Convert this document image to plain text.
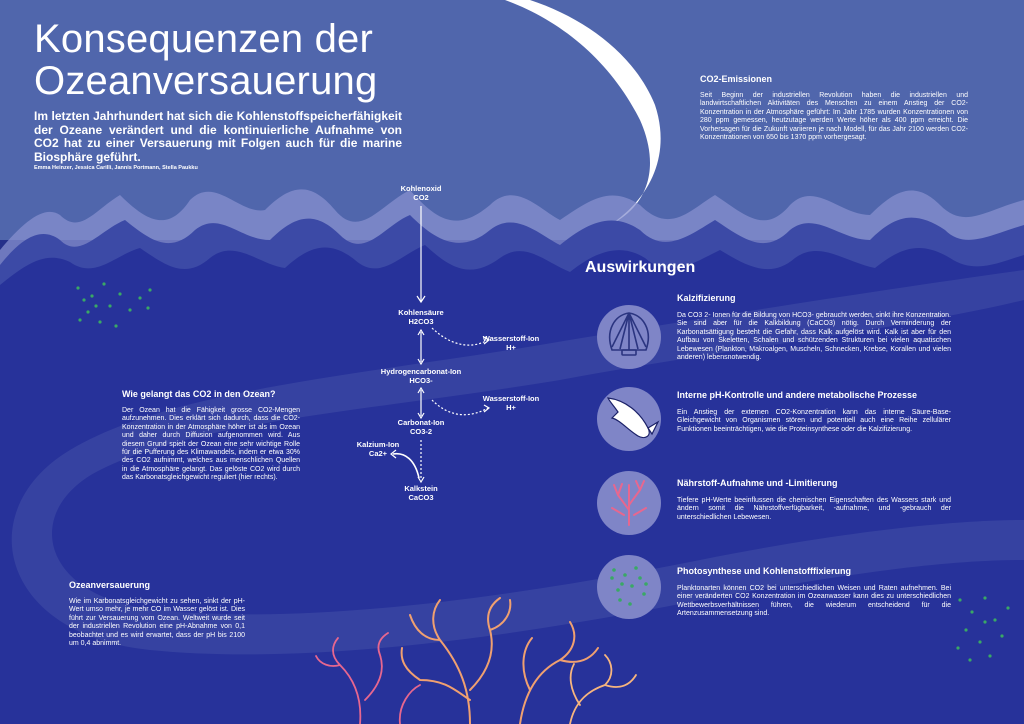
Konsequenzen der Ozeanversauerung

Im letzten Jahrhundert hat sich die Kohlenstoffspeicherfähigkeit der Ozeane verändert und die kontinuierliche Aufnahme von CO2 hat zu einer Versauerung mit Folgen auch für die marine Biosphäre geführt.

Emma Heinzer, Jessica Carilli, Jannis Portmann, Stella Paukku

CO2-Emissionen

Seit Beginn der industriellen Revolution haben die industriellen und landwirtschaftlichen Aktivitäten des Menschen zu einem Anstieg der CO2-Konzentration in der Atmosphäre geführt: Im Jahr 1785 wurden Konzentrationen von 280 ppm gemessen, heutzutage werden Werte höher als 400 ppm erreicht. Die Vorhersagen für die Zukunft variieren je nach Modell, für das Jahr 2100 werden CO2-Konzentrationen von 650 bis 1370 ppm vorhergesagt.

Kohlenoxid
CO2
Kohlensäure
H2CO3
Hydrogencarbonat-Ion
HCO3-
Carbonat-Ion
CO3-2
Kalkstein
CaCO3
Wasserstoff-Ion
H+
Wasserstoff-Ion
H+
Kalzium-Ion
Ca2+

Wie gelangt das CO2 in den Ozean?

Der Ozean hat die Fähigkeit grosse CO2-Mengen aufzunehmen. Dies erklärt sich dadurch, dass die CO2-Konzentration in der Atmosphäre höher ist als im Ozean und daher durch Diffusion aufgenommen wird. Aus diesem Grund spielt der Ozean eine sehr wichtige Rolle für die Pufferung des Klimawandels, indem er etwa 30% des CO2 aufnimmt, welches aus menschlichen Quellen in die Atmosphäre gelangt. Das gelöste CO2 wird durch das Karbonatsgleichgewicht reguliert (hier rechts).

Ozeanversauerung

Wie im Karbonatsgleichgewicht zu sehen, sinkt der pH-Wert umso mehr, je mehr CO im Wasser gelöst ist. Dies führt zur Versauerung vom Ozean. Weltweit wurde seit der industriellen Revolution eine pH-Abnahme von 0,1 beobachtet und es wird erwartet, dass der pH bis 2100 um 0,4 abnimmt.

Auswirkungen

Kalzifizierung

Da CO3 2- Ionen für die Bildung von HCO3- gebraucht werden, sinkt ihre Konzentration. Sie sind aber für die Kalkbildung (CaCO3) nötig. Durch Verminderung der Karbonatsättigung besteht die Gefahr, dass Kalk aufgelöst wird. Kalk ist aber für den Aufbau von Skeletten, Schalen und schützenden Strukturen bei vielen aquatischen Lebewesen (Plankton, Makroalgen, Muscheln, Schnecken, Krebse, Korallen und vielen anderen) lebensnotwendig.

Interne pH-Kontrolle und andere metabolische Prozesse

Ein Anstieg der externen CO2-Konzentration kann das interne Säure-Base-Gleichgewicht von Organismen stören und potentiell auch eine Reihe zellulärer Funktionen beeinträchtigen, wie die Proteinsynthese oder die Kalzifizierung.

Nährstoff-Aufnahme und -Limitierung

Tiefere pH-Werte beeinflussen die chemischen Eigenschaften des Wassers stark und ändern somit die Nährstoffverfügbarkeit, -aufnahme, und -gebrauch der unterschiedlichen Lebewesen.

Photosynthese und Kohlenstofffixierung

Planktonarten können CO2 bei unterschiedlichen Weisen und Raten aufnehmen. Bei einer veränderten CO2 Konzentration im Ozeanwasser kann dies zu unterschiedlichen Wettbewerbsverhältnissen führen, die wiederum entscheidend für die Artenzusammensetzung sind.
